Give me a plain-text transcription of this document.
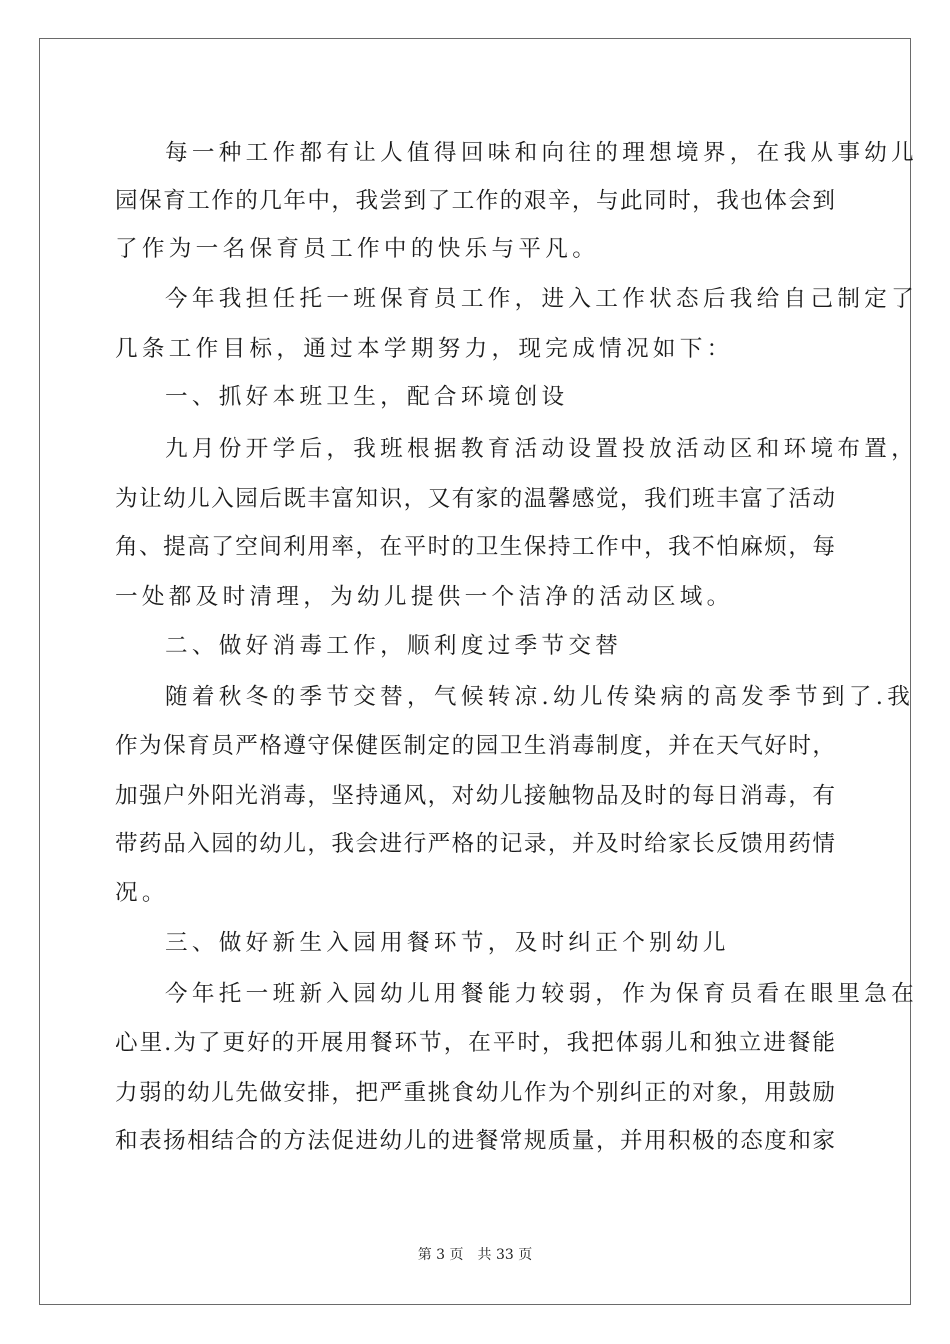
每一种工作都有让人值得回味和向往的理想境界，在我从事幼儿
园保育工作的几年中，我尝到了工作的艰辛，与此同时，我也体会到
了作为一名保育员工作中的快乐与平凡。
今年我担任托一班保育员工作，进入工作状态后我给自己制定了
几条工作目标，通过本学期努力，现完成情况如下：
一、抓好本班卫生，配合环境创设
九月份开学后，我班根据教育活动设置投放活动区和环境布置，
为让幼儿入园后既丰富知识，又有家的温馨感觉，我们班丰富了活动
角、提高了空间利用率，在平时的卫生保持工作中，我不怕麻烦，每
一处都及时清理，为幼儿提供一个洁净的活动区域。
二、做好消毒工作，顺利度过季节交替
随着秋冬的季节交替，气候转凉.幼儿传染病的高发季节到了.我
作为保育员严格遵守保健医制定的园卫生消毒制度，并在天气好时，
加强户外阳光消毒，坚持通风，对幼儿接触物品及时的每日消毒，有
带药品入园的幼儿，我会进行严格的记录，并及时给家长反馈用药情
况。
三、做好新生入园用餐环节，及时纠正个别幼儿
今年托一班新入园幼儿用餐能力较弱，作为保育员看在眼里急在
心里.为了更好的开展用餐环节，在平时，我把体弱儿和独立进餐能
力弱的幼儿先做安排，把严重挑食幼儿作为个别纠正的对象，用鼓励
和表扬相结合的方法促进幼儿的进餐常规质量，并用积极的态度和家
第 3 页　共 33 页
